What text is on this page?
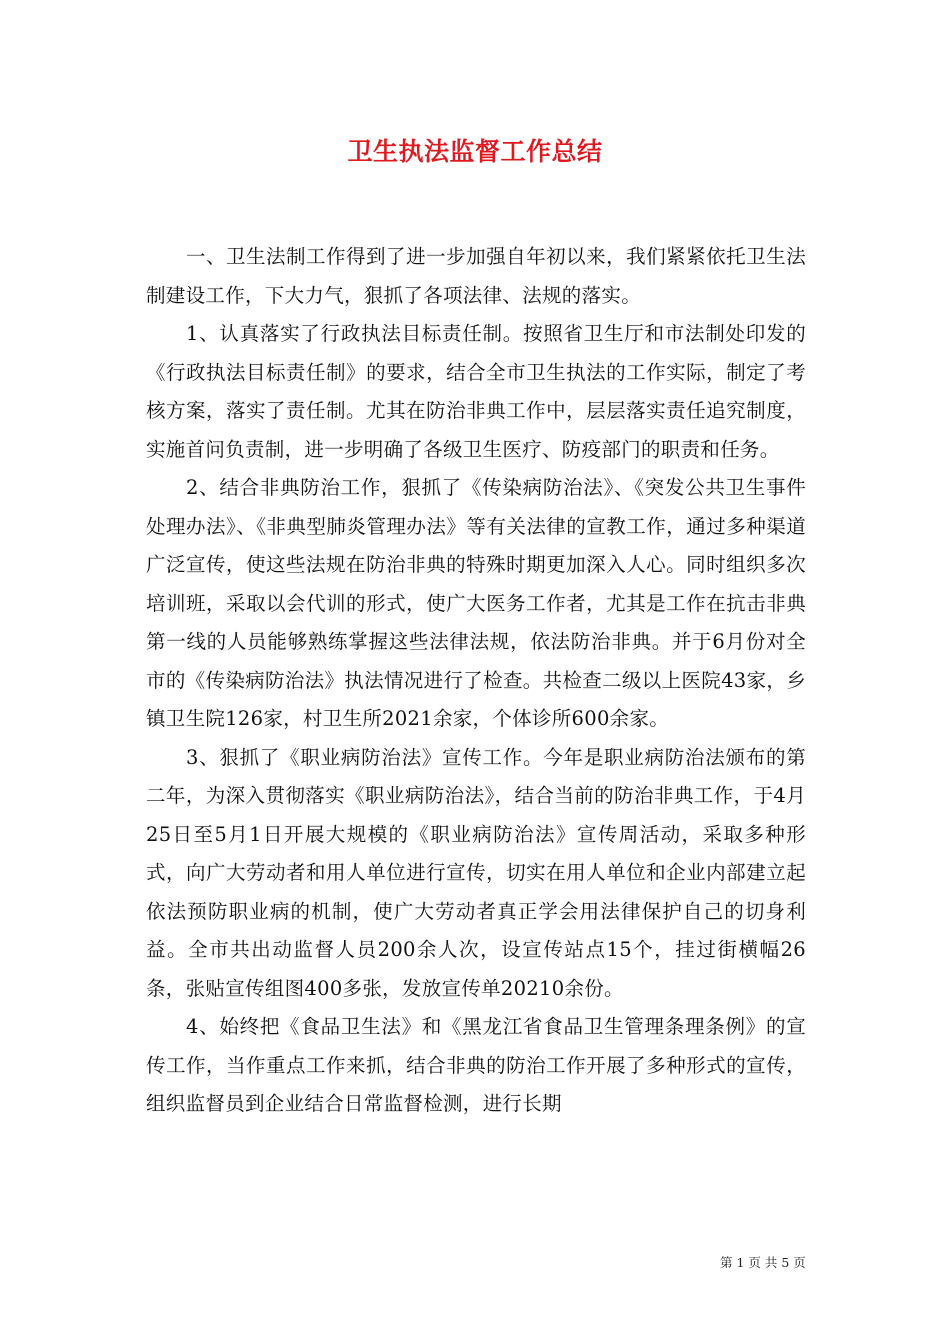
卫生执法监督工作总结

一、卫生法制工作得到了进一步加强自年初以来，我们紧紧依托卫生法制建设工作，下大力气，狠抓了各项法律、法规的落实。

1、认真落实了行政执法目标责任制。按照省卫生厅和市法制处印发的《行政执法目标责任制》的要求，结合全市卫生执法的工作实际，制定了考核方案，落实了责任制。尤其在防治非典工作中，层层落实责任追究制度，实施首问负责制，进一步明确了各级卫生医疗、防疫部门的职责和任务。

2、结合非典防治工作，狠抓了《传染病防治法》、《突发公共卫生事件处理办法》、《非典型肺炎管理办法》等有关法律的宣教工作，通过多种渠道广泛宣传，使这些法规在防治非典的特殊时期更加深入人心。同时组织多次培训班，采取以会代训的形式，使广大医务工作者，尤其是工作在抗击非典第一线的人员能够熟练掌握这些法律法规，依法防治非典。并于6月份对全市的《传染病防治法》执法情况进行了检查。共检查二级以上医院43家，乡镇卫生院126家，村卫生所2021余家，个体诊所600余家。

3、狠抓了《职业病防治法》宣传工作。今年是职业病防治法颁布的第二年，为深入贯彻落实《职业病防治法》，结合当前的防治非典工作，于4月25日至5月1日开展大规模的《职业病防治法》宣传周活动，采取多种形式，向广大劳动者和用人单位进行宣传，切实在用人单位和企业内部建立起依法预防职业病的机制，使广大劳动者真正学会用法律保护自己的切身利益。全市共出动监督人员200余人次，设宣传站点15个，挂过街横幅26条，张贴宣传组图400多张，发放宣传单20210余份。

4、始终把《食品卫生法》和《黑龙江省食品卫生管理条理条例》的宣传工作，当作重点工作来抓，结合非典的防治工作开展了多种形式的宣传，组织监督员到企业结合日常监督检测，进行长期

第 1 页 共 5 页
